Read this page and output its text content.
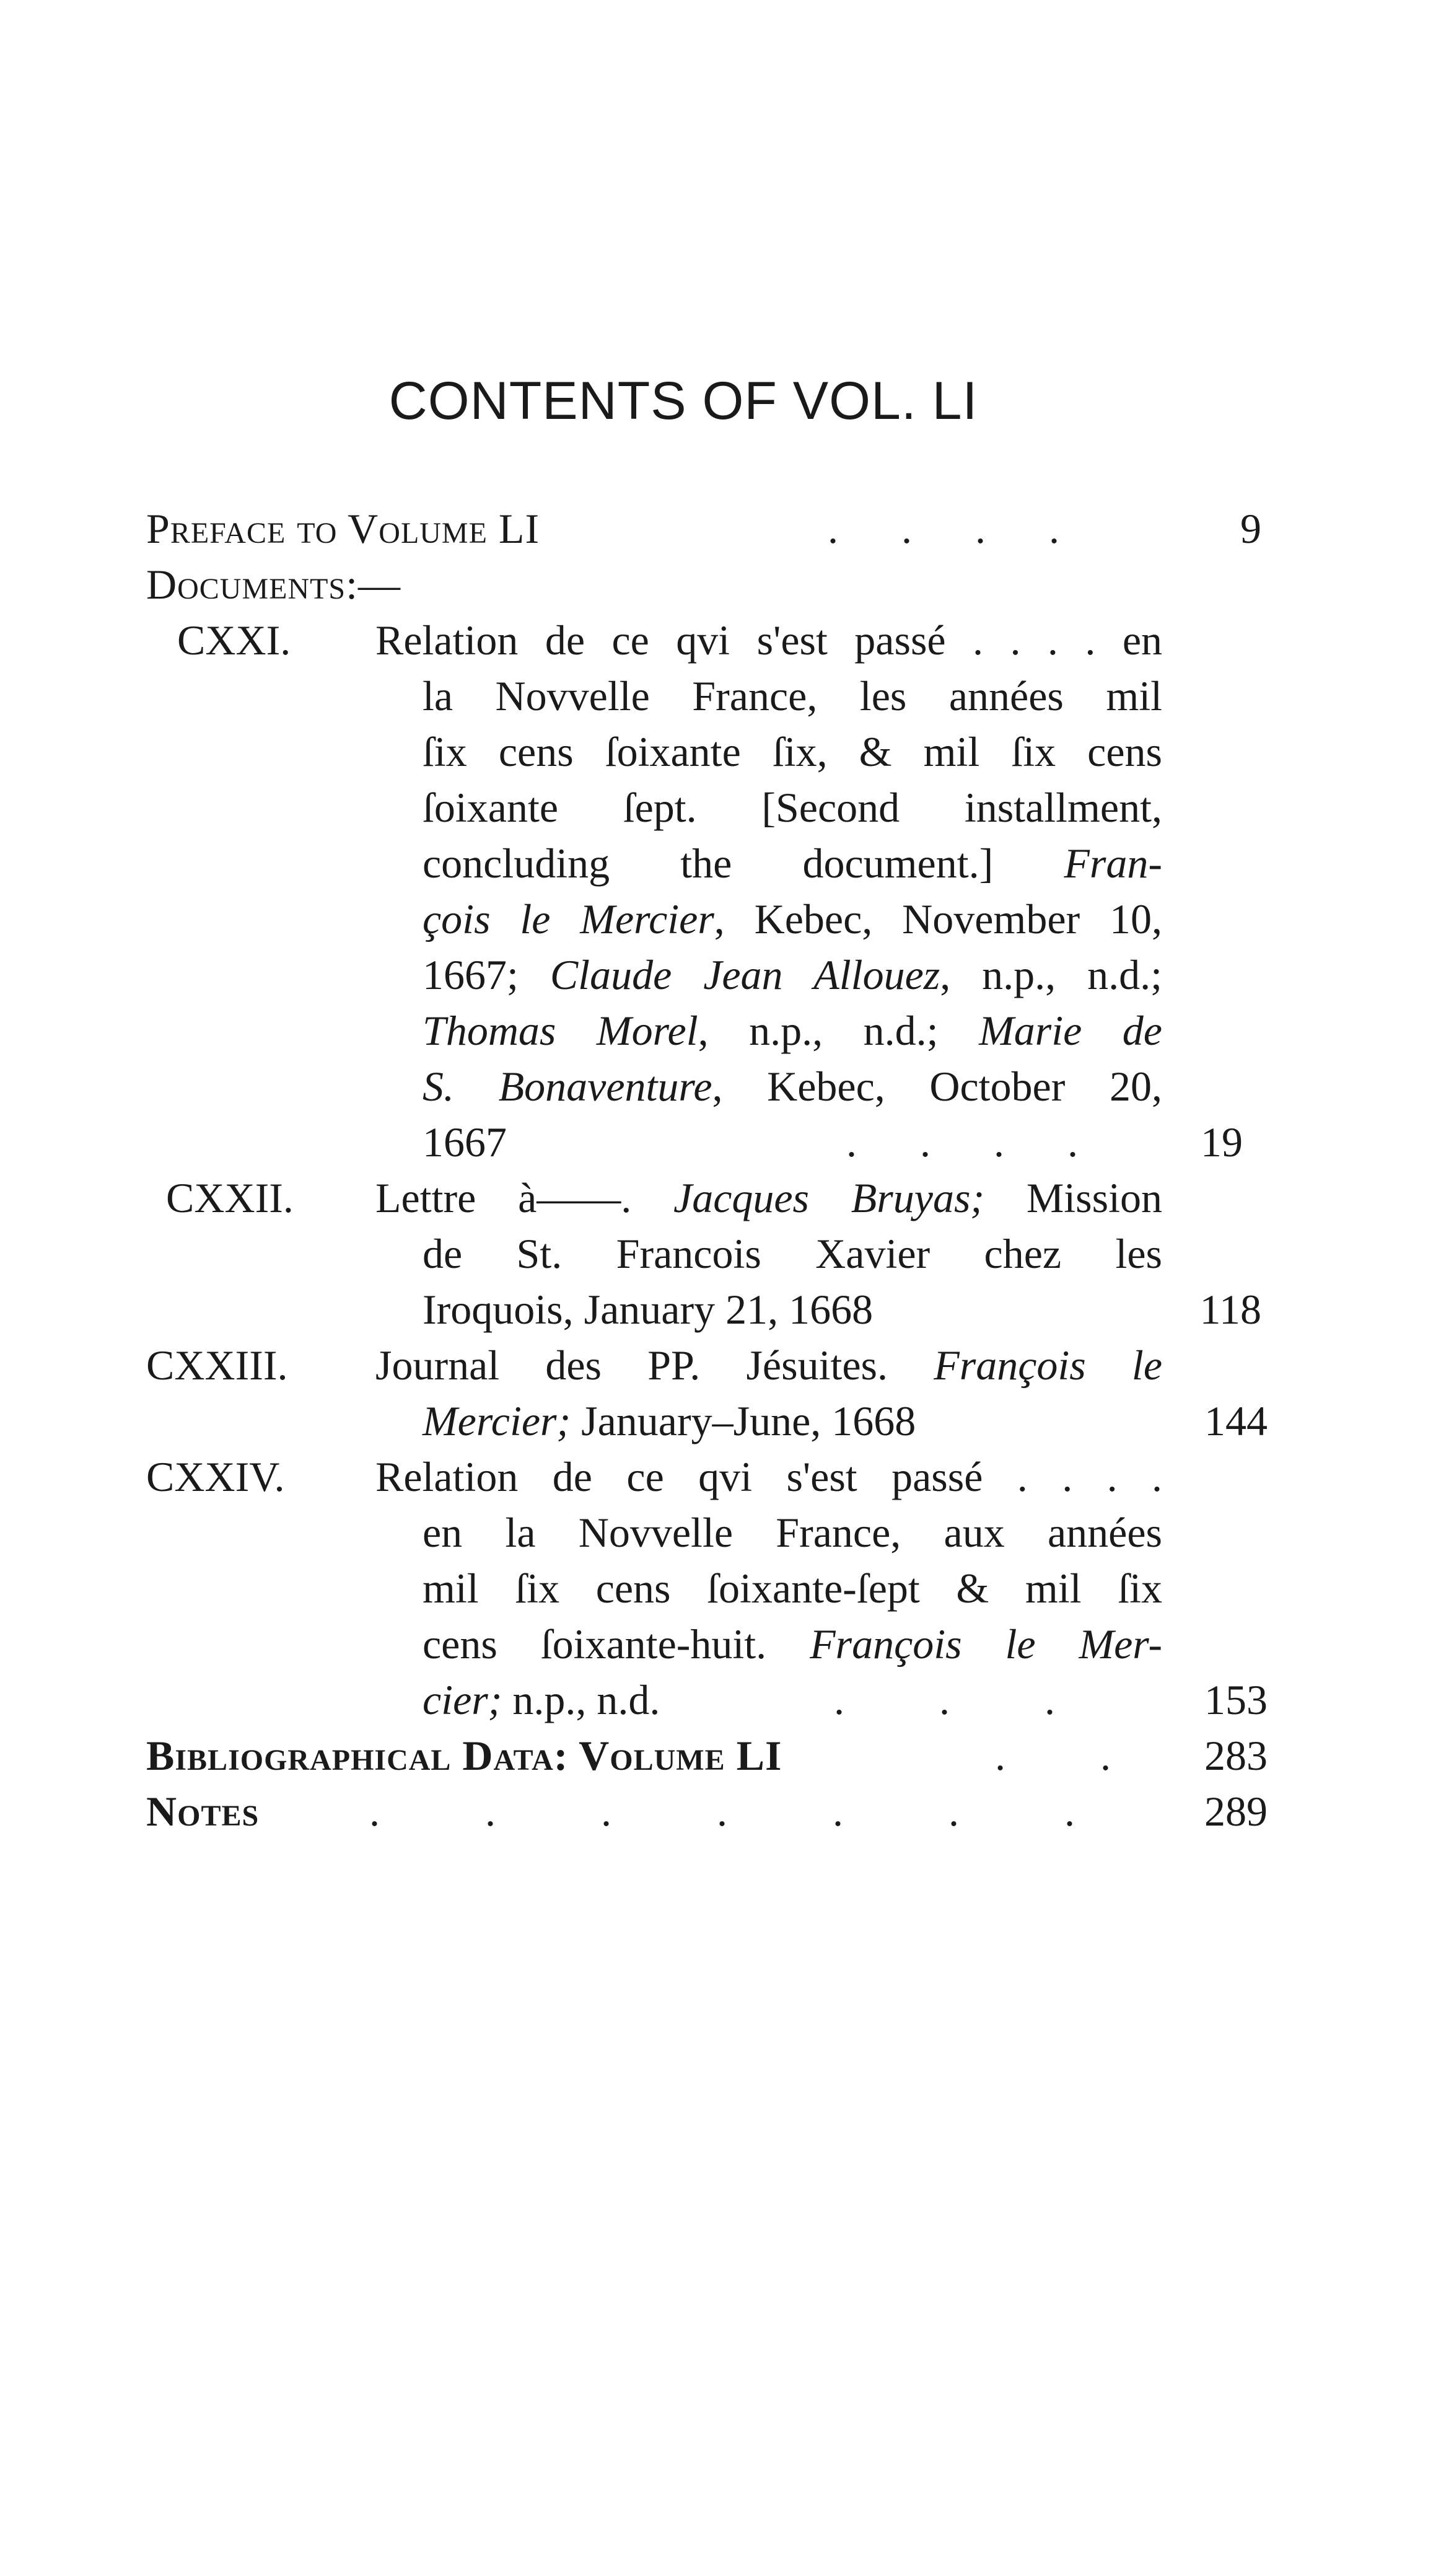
CONTENTS OF VOL. LI
Preface to Volume LI	.      .      .      .	9
Documents:—
CXXI. Relation de ce qvi s'est passé . . . . en
la Novvelle France, les années mil
ſix cens ſoixante ſix, & mil ſix cens
ſoixante ſept. [Second installment,
concluding the document.] Fran-
çois le Mercier, Kebec, November 10,
1667; Claude Jean Allouez, n.p., n.d.;
Thomas Morel, n.p., n.d.; Marie de
S. Bonaventure, Kebec, October 20,
1667	.      .      .      .	19
CXXII. Lettre à——. Jacques Bruyas; Mission
de St. Francois Xavier chez les
Iroquois, January 21, 1668	118
CXXIII. Journal des PP. Jésuites. François le
Mercier; January–June, 1668	144
CXXIV. Relation de ce qvi s'est passé . . . .
en la Novvelle France, aux années
mil ſix cens ſoixante-ſept & mil ſix
cens ſoixante-huit. François le Mer-
cier; n.p., n.d.	.         .         .	153
Bibliographical Data: Volume LI	.         . 283
Notes	.          .          .          .          .          .          .	289
